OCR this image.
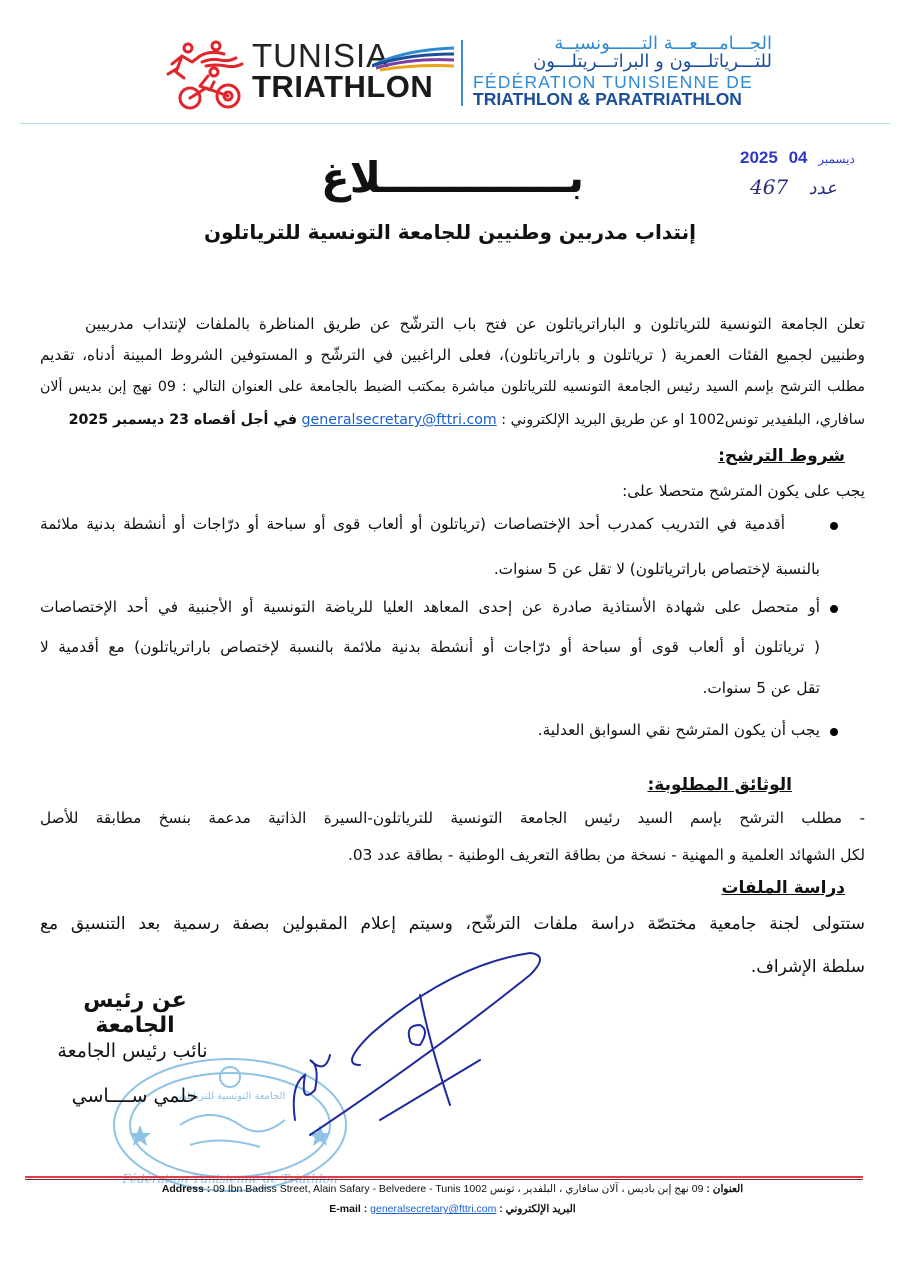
TUNISIA
TRIATHLON
الجـــامــــعـــة التــــــونسيــة
للتـــرياتلـــون و البراتـــريتلـــون
FÉDÉRATION TUNISIENNE DE
TRIATHLON & PARATRIATHLON
2025	ديسمبر 04
467 عدد
بـــــــــــــلاغ
إنتداب مدربين وطنيين للجامعة التونسية للترياتلون
تعلن الجامعة التونسية للترياتلون و الباراترياتلون عن فتح باب الترشّح عن طريق المناظرة بالملفات لإنتداب مدربيين
وطنيين لجميع الفئات العمرية ( ترياتلون و باراترياتلون)، فعلى الراغبين في الترشّح و المستوفين الشروط المبينة أدناه، تقديم
مطلب الترشح بإسم السيد رئيس الجامعة التونسيه للترياتلون مباشرة بمكتب الضبط بالجامعة على العنوان التالي : 09 نهج إبن بديس ألان
سافاري، البلفيدير تونس1002 او عن طريق البريد الإلكتروني : generalsecretary@fttri.com في أجل أقصاه 23 ديسمبر 2025
شروط الترشح:
يجب على يكون المترشح متحصلا على:
أقدمية في التدريب كمدرب أحد الإختصاصات (ترياتلون أو ألعاب قوى أو سباحة أو درّاجات أو أنشطة بدنية ملائمة
بالنسبة لإختصاص باراترياتلون) لا تقل عن 5 سنوات.
أو متحصل على شهادة الأستاذية صادرة عن إحدى المعاهد العليا للرياضة التونسية أو الأجنبية في أحد الإختصاصات
( ترياتلون أو ألعاب قوى أو سباحة أو درّاجات أو أنشطة بدنية ملائمة بالنسبة لإختصاص باراترياتلون) مع أقدمية لا
تقل عن 5 سنوات.
يجب أن يكون المترشح نقي السوابق العدلية.
الوثائق المطلوبة:
- مطلب الترشح بإسم السيد رئيس الجامعة التونسية للترياتلون-السيرة الذاتية مدعمة بنسخ مطابقة للأصل
لكل الشهائد العلمية و المهنية - نسخة من بطاقة التعريف الوطنية - بطاقة عدد 03.
دراسة الملفات
ستتولى لجنة جامعية مختصّة دراسة ملفات الترشّح، وسيتم إعلام المقبولين بصفة رسمية بعد التنسيق مع
سلطة الإشراف.
الجامعة التونسية للترياتلون
عن رئيس الجامعة
نائب رئيس الجامعة
حلمي ســــاسي
Address : 09 Ibn Badiss Street, Alain Safary - Belvedere - Tunis 1002 09 نهج إبن باديس ، آلان سافاري ، البلفدير ، تونس العنوان :
E-mail : generalsecretary@fttri.com البريد الإلكتروني :
